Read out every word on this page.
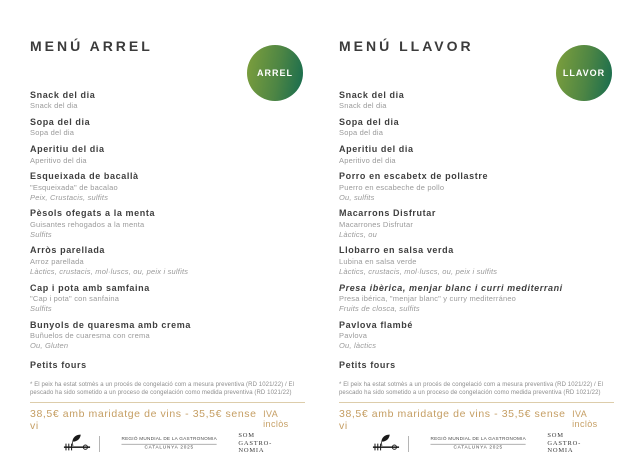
MENÚ ARREL
ARREL
Snack del dia
Snack del dia
Sopa del dia
Sopa del dia
Aperitiu del dia
Aperitivo del dia
Esqueixada de bacallà
"Esqueixada" de bacalao
Peix, Crustacis, sulfits
Pèsols ofegats a la menta
Guisantes rehogados a la menta
Sulfits
Arròs parellada
Arroz parellada
Làctics, crustacis, mol·luscs, ou, peix i sulfits
Cap i pota amb samfaina
"Cap i pota" con sanfaina
Sulfits
Bunyols de quaresma amb crema
Buñuelos de cuaresma con crema
Ou, Gluten
Petits fours

* El peix ha estat sotmès a un procés de congelació com a mesura preventiva (RD 1021/22) / El pescado ha sido sometido a un proceso de congelación como medida preventiva (RD 1021/22)

38,5€ amb maridatge de vins - 35,5€ sense vi
IVA inclòs
REGIÓ MUNDIAL DE LA GASTRONOMIA
CATALUNYA 2025
SOM
GASTRO-
NOMIA
MENÚ LLAVOR
LLAVOR
Snack del dia
Snack del dia
Sopa del dia
Sopa del dia
Aperitiu del dia
Aperitivo del dia
Porro en escabetx de pollastre
Puerro en escabeche de pollo
Ou, sulfits
Macarrons Disfrutar
Macarrones Disfrutar
Làctics, ou
Llobarro en salsa verda
Lubina en salsa verde
Làctics, crustacis, mol·luscs, ou, peix i sulfits
Presa ibèrica, menjar blanc i curri mediterrani
Presa ibérica, "menjar blanc" y curry mediterráneo
Fruits de closca, sulfits
Pavlova flambé
Pavlova
Ou, làctics
Petits fours

* El peix ha estat sotmès a un procés de congelació com a mesura preventiva (RD 1021/22) / El pescado ha sido sometido a un proceso de congelación como medida preventiva (RD 1021/22)

38,5€ amb maridatge de vins - 35,5€ sense vi
IVA inclòs
REGIÓ MUNDIAL DE LA GASTRONOMIA
CATALUNYA 2025
SOM
GASTRO-
NOMIA
